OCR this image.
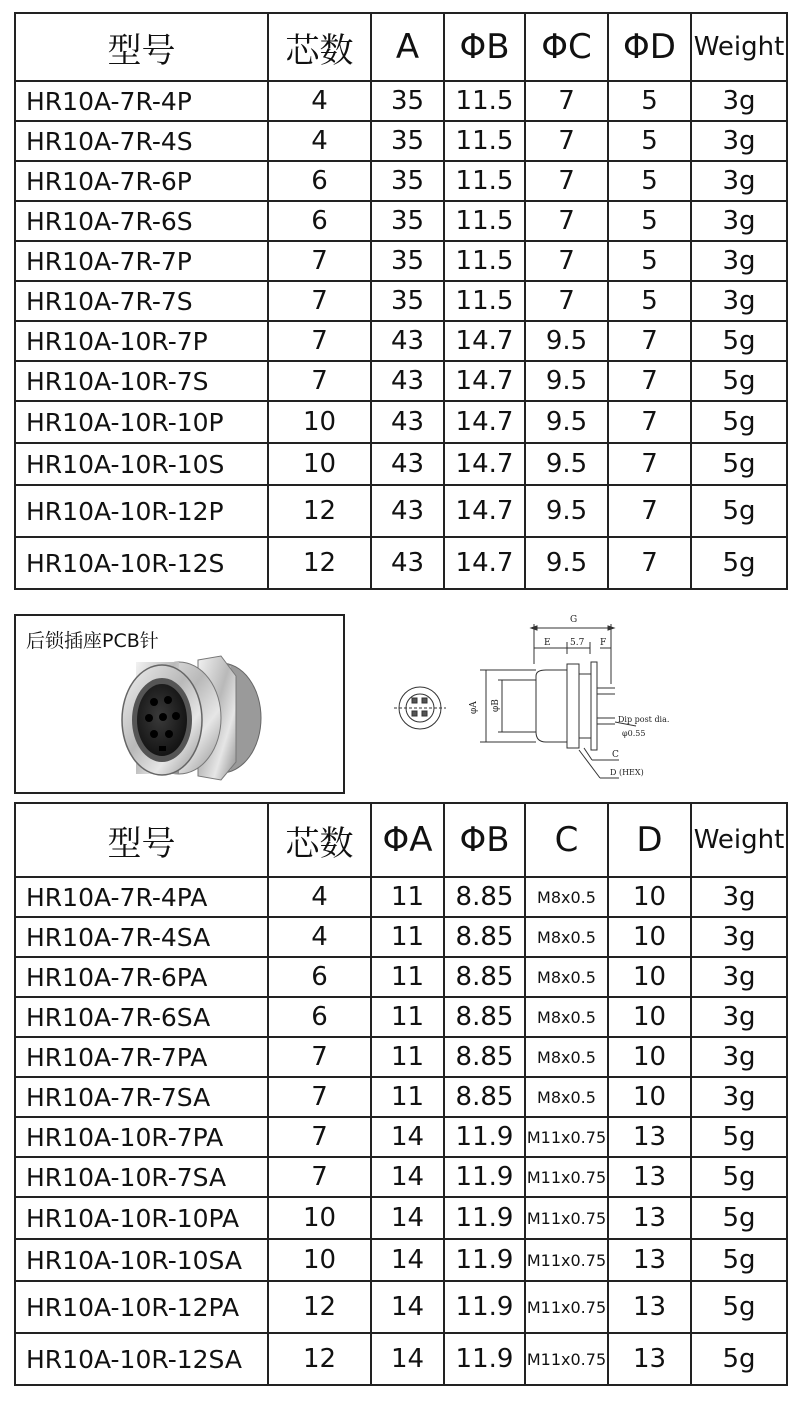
型号	芯数	A	ΦB	ΦC	ΦD	Weight
HR10A-7R-4P	4	35	11.5	7	5	3g
HR10A-7R-4S	4	35	11.5	7	5	3g
HR10A-7R-6P	6	35	11.5	7	5	3g
HR10A-7R-6S	6	35	11.5	7	5	3g
HR10A-7R-7P	7	35	11.5	7	5	3g
HR10A-7R-7S	7	35	11.5	7	5	3g
HR10A-10R-7P	7	43	14.7	9.5	7	5g
HR10A-10R-7S	7	43	14.7	9.5	7	5g
HR10A-10R-10P	10	43	14.7	9.5	7	5g
HR10A-10R-10S	10	43	14.7	9.5	7	5g
HR10A-10R-12P	12	43	14.7	9.5	7	5g
HR10A-10R-12S	12	43	14.7	9.5	7	5g
后锁插座PCB针
G
E 5.7 F
φA φB
Dip post dia.
φ0.55
C
D (HEX)
型号	芯数	ΦA	ΦB	C	D	Weight
HR10A-7R-4PA	4	11	8.85	M8x0.5	10	3g
HR10A-7R-4SA	4	11	8.85	M8x0.5	10	3g
HR10A-7R-6PA	6	11	8.85	M8x0.5	10	3g
HR10A-7R-6SA	6	11	8.85	M8x0.5	10	3g
HR10A-7R-7PA	7	11	8.85	M8x0.5	10	3g
HR10A-7R-7SA	7	11	8.85	M8x0.5	10	3g
HR10A-10R-7PA	7	14	11.9	M11x0.75	13	5g
HR10A-10R-7SA	7	14	11.9	M11x0.75	13	5g
HR10A-10R-10PA	10	14	11.9	M11x0.75	13	5g
HR10A-10R-10SA	10	14	11.9	M11x0.75	13	5g
HR10A-10R-12PA	12	14	11.9	M11x0.75	13	5g
HR10A-10R-12SA	12	14	11.9	M11x0.75	13	5g
